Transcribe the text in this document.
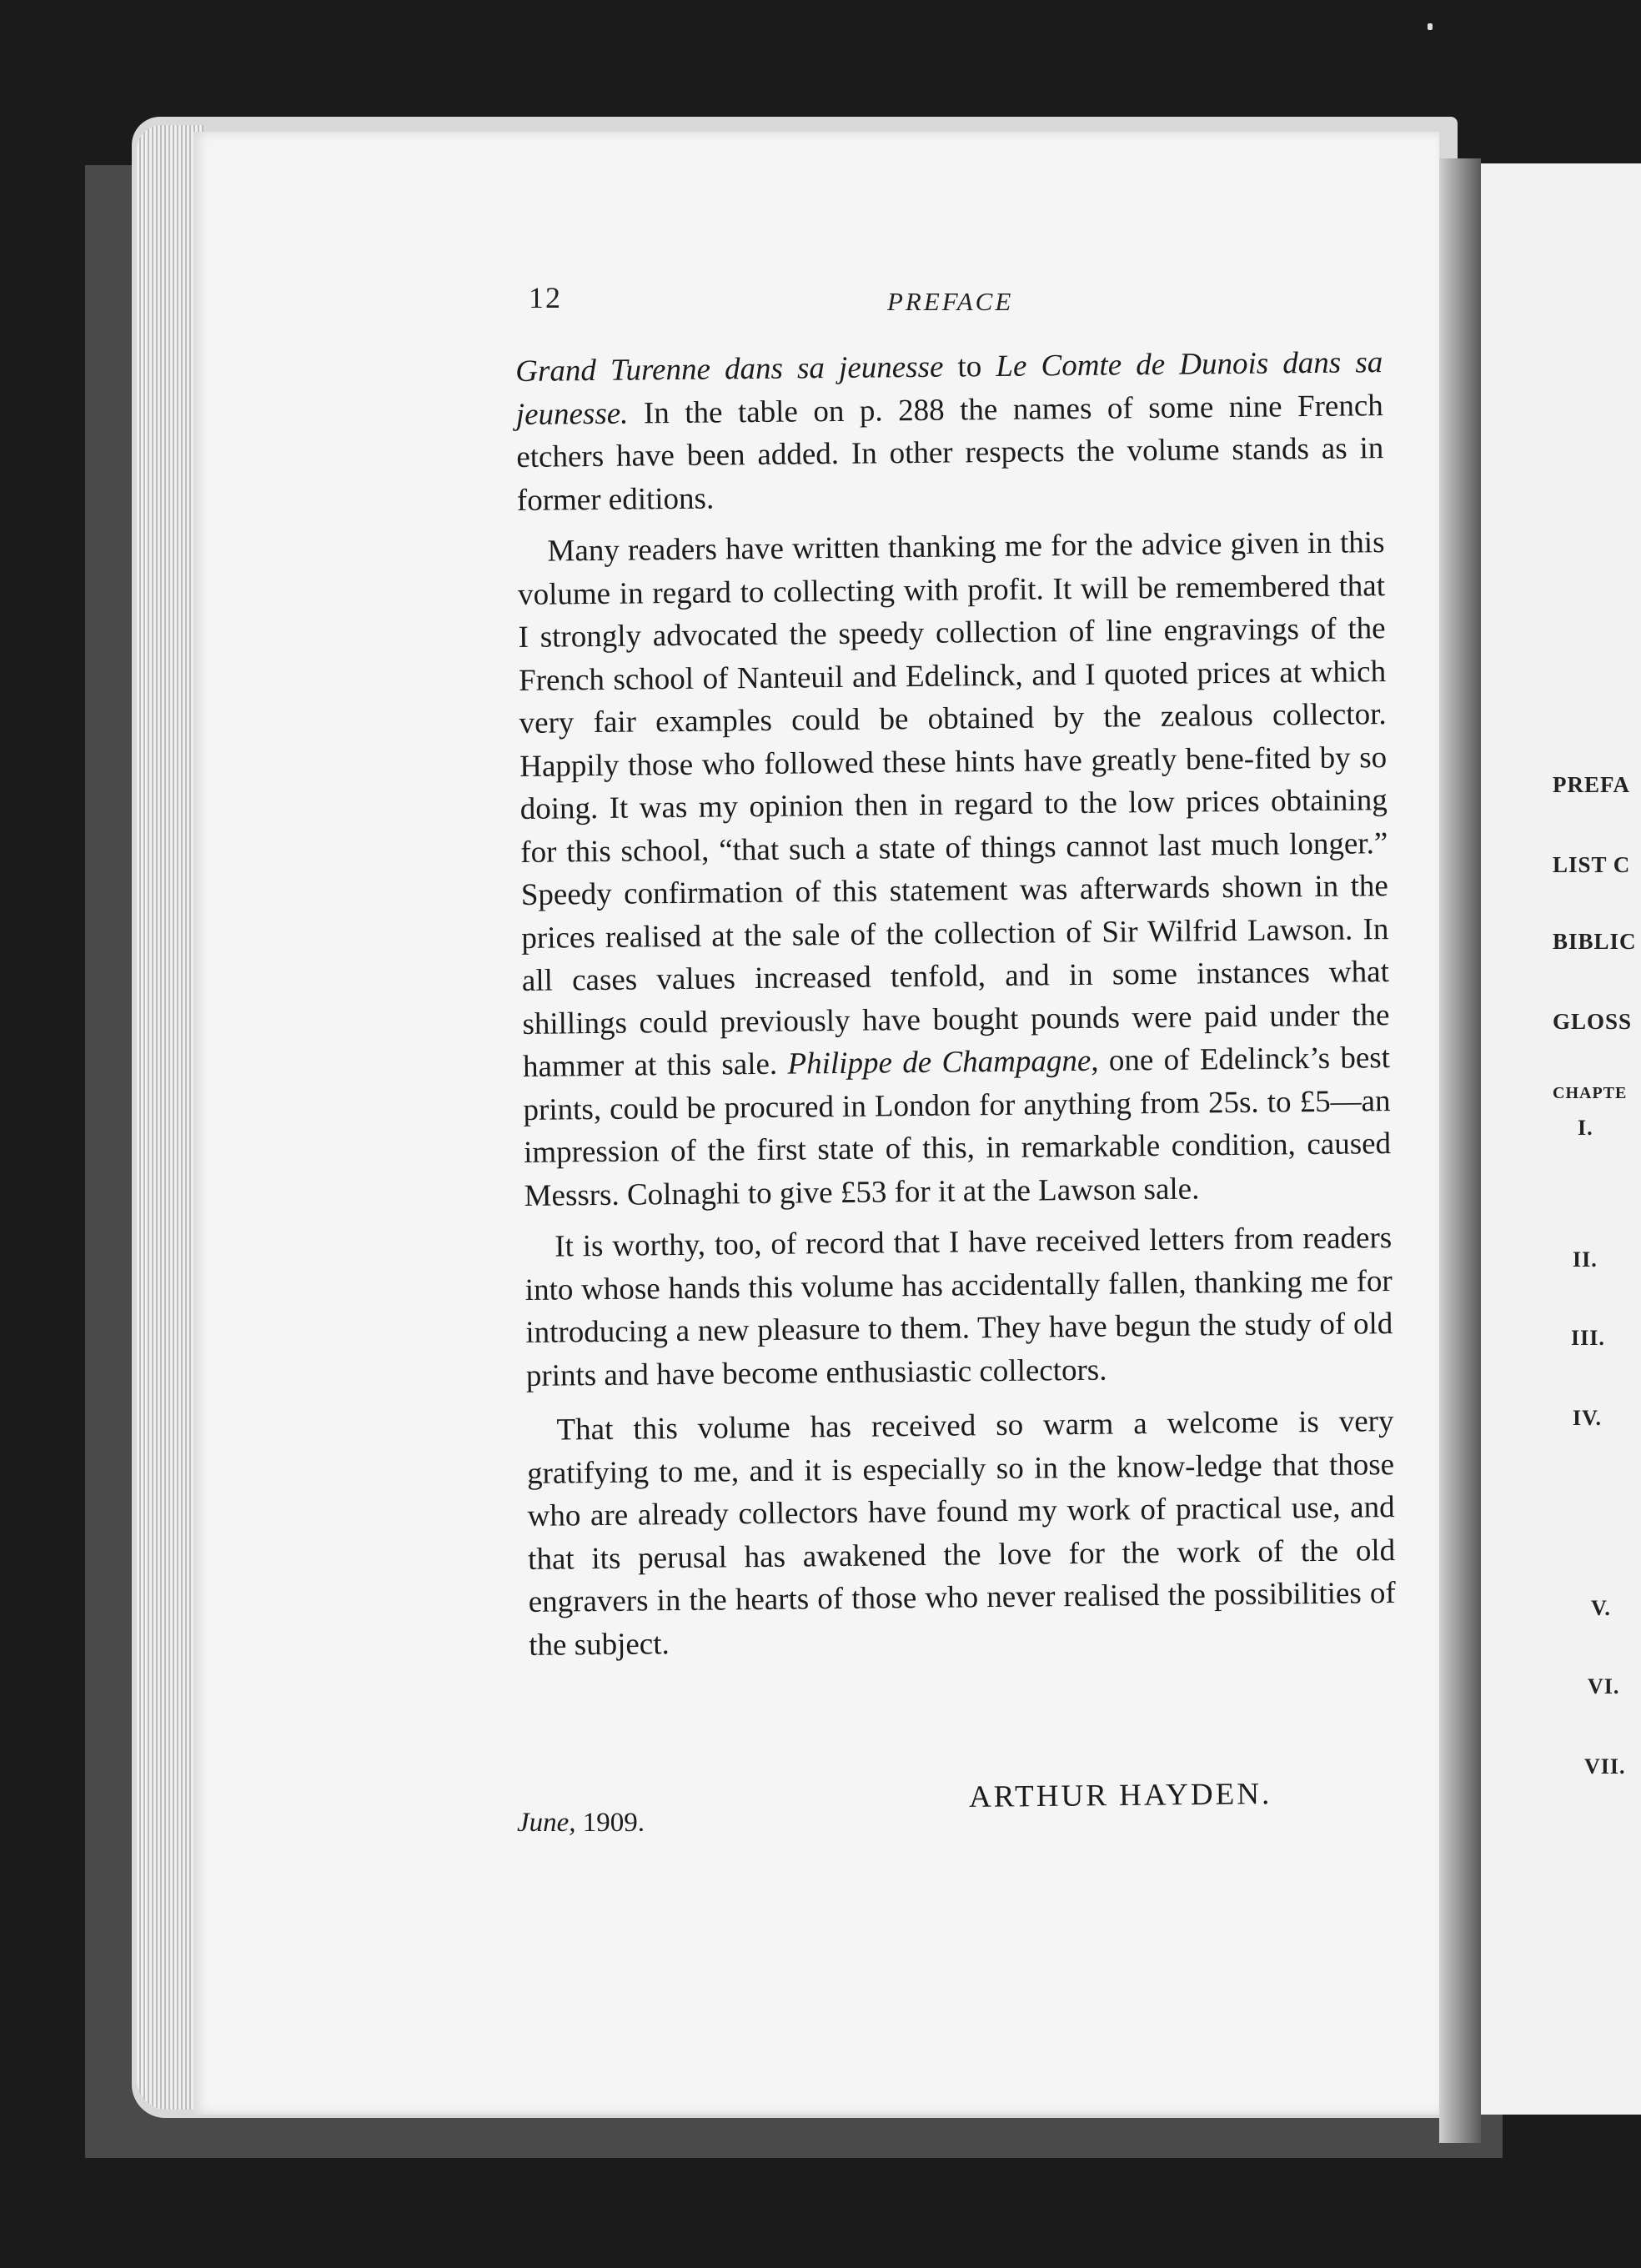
12	PREFACE

Grand Turenne dans sa jeunesse to Le Comte de Dunois dans sa jeunesse. In the table on p. 288 the names of some nine French etchers have been added. In other respects the volume stands as in former editions.

Many readers have written thanking me for the advice given in this volume in regard to collecting with profit. It will be remembered that I strongly advocated the speedy collection of line engravings of the French school of Nanteuil and Edelinck, and I quoted prices at which very fair examples could be obtained by the zealous collector. Happily those who followed these hints have greatly bene-fited by so doing. It was my opinion then in regard to the low prices obtaining for this school, “that such a state of things cannot last much longer.” Speedy confirmation of this statement was afterwards shown in the prices realised at the sale of the collection of Sir Wilfrid Lawson. In all cases values increased tenfold, and in some instances what shillings could previously have bought pounds were paid under the hammer at this sale. Philippe de Champagne, one of Edelinck’s best prints, could be procured in London for anything from 25s. to £5—an impression of the first state of this, in remarkable condition, caused Messrs. Colnaghi to give £53 for it at the Lawson sale.

It is worthy, too, of record that I have received letters from readers into whose hands this volume has accidentally fallen, thanking me for introducing a new pleasure to them. They have begun the study of old prints and have become enthusiastic collectors.

That this volume has received so warm a welcome is very gratifying to me, and it is especially so in the know-ledge that those who are already collectors have found my work of practical use, and that its perusal has awakened the love for the work of the old engravers in the hearts of those who never realised the possibilities of the subject.

ARTHUR HAYDEN.
June, 1909.
PREFA
LIST C
BIBLIC
GLOSS
CHAPTE
I.
II.
III.
IV.
V.
VI.
VII.
